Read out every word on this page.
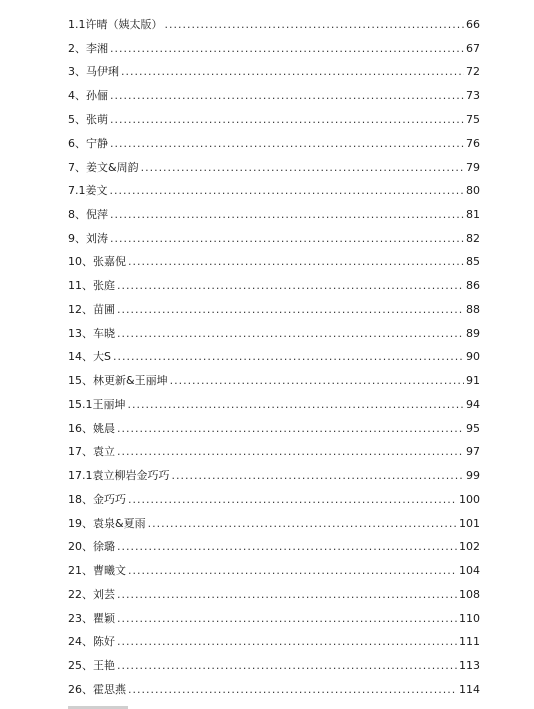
1.1许晴（姨太版） .....	66
2、李湘 .....	67
3、马伊琍 .....	72
4、孙俪 .....	73
5、张萌 .....	75
6、宁静 .....	76
7、姜文&周韵 .....	79
7.1姜文 .....	80
8、倪萍 .....	81
9、刘涛 .....	82
10、张嘉倪 .....	85
11、张庭 .....	86
12、苗圃 .....	88
13、车晓 .....	89
14、大S .....	90
15、林更新&王丽坤 .....	91
15.1王丽坤 .....	94
16、姚晨 .....	95
17、袁立 .....	97
17.1袁立柳岩金巧巧 .....	99
18、金巧巧 .....	100
19、袁泉&夏雨 .....	101
20、徐璐 .....	102
21、曹曦文 .....	104
22、刘芸 .....	108
23、瞿颖 .....	110
24、陈好 .....	111
25、王艳 .....	113
26、霍思燕 .....	114
